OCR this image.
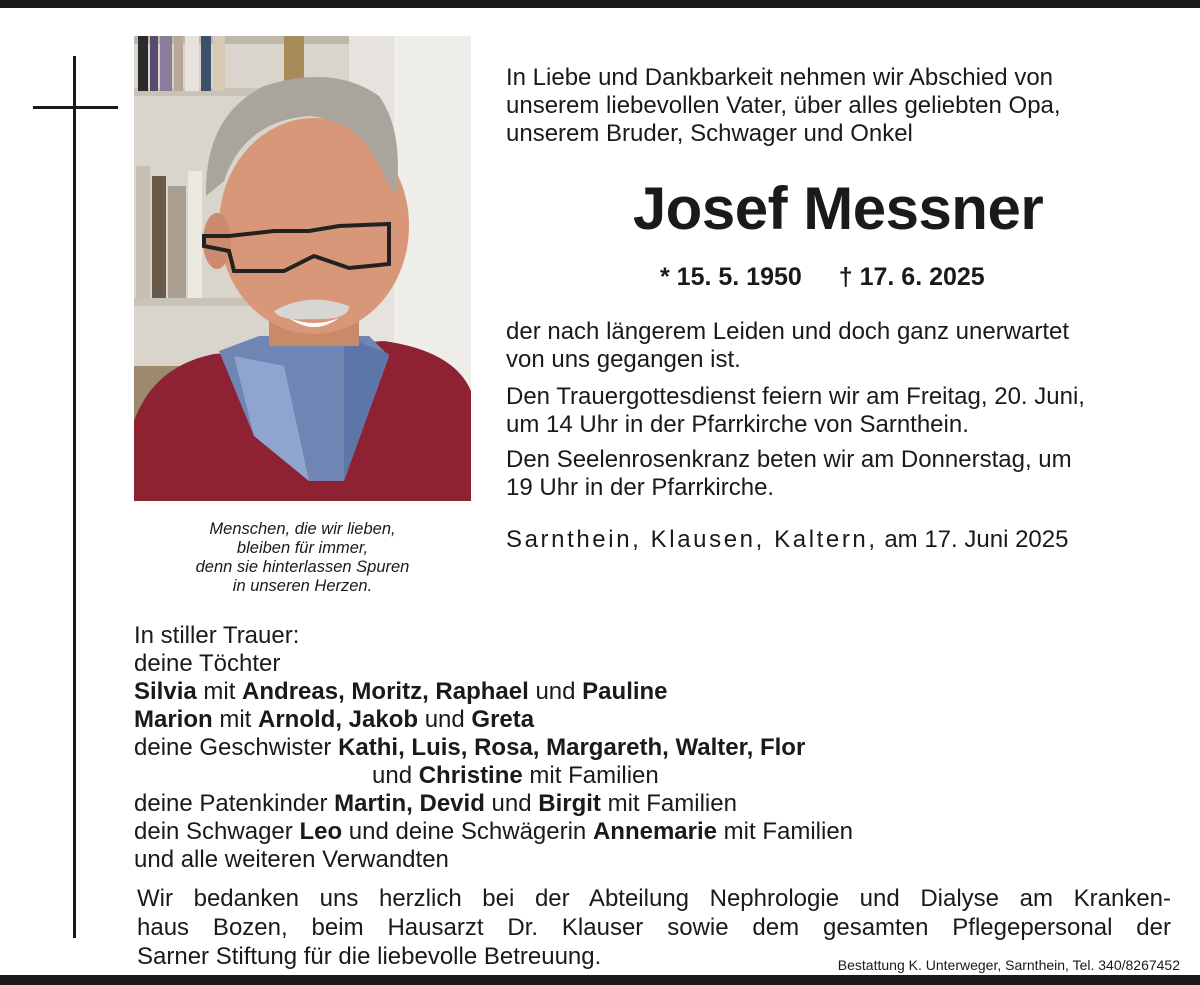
Menschen, die wir lieben,
bleiben für immer,
denn sie hinterlassen Spuren
in unseren Herzen.
In Liebe und Dankbarkeit nehmen wir Abschied von
unserem liebevollen Vater, über alles geliebten Opa,
unserem Bruder, Schwager und Onkel
Josef Messner
* 15. 5. 1950 † 17. 6. 2025
der nach längerem Leiden und doch ganz unerwartet
von uns gegangen ist.
Den Trauergottesdienst feiern wir am Freitag, 20. Juni,
um 14 Uhr in der Pfarrkirche von Sarnthein.
Den Seelenrosenkranz beten wir am Donnerstag, um
19 Uhr in der Pfarrkirche.
Sarnthein, Klausen, Kaltern, am 17. Juni 2025
In stiller Trauer:
deine Töchter
Silvia mit Andreas, Moritz, Raphael und Pauline
Marion mit Arnold, Jakob und Greta
deine Geschwister Kathi, Luis, Rosa, Margareth, Walter, Flor
und Christine mit Familien
deine Patenkinder Martin, Devid und Birgit mit Familien
dein Schwager Leo und deine Schwägerin Annemarie mit Familien
und alle weiteren Verwandten
Wir bedanken uns herzlich bei der Abteilung Nephrologie und Dialyse am Kranken-
haus Bozen, beim Hausarzt Dr. Klauser sowie dem gesamten Pflegepersonal der
Sarner Stiftung für die liebevolle Betreuung.	Bestattung K. Unterweger, Sarnthein, Tel. 340/8267452
